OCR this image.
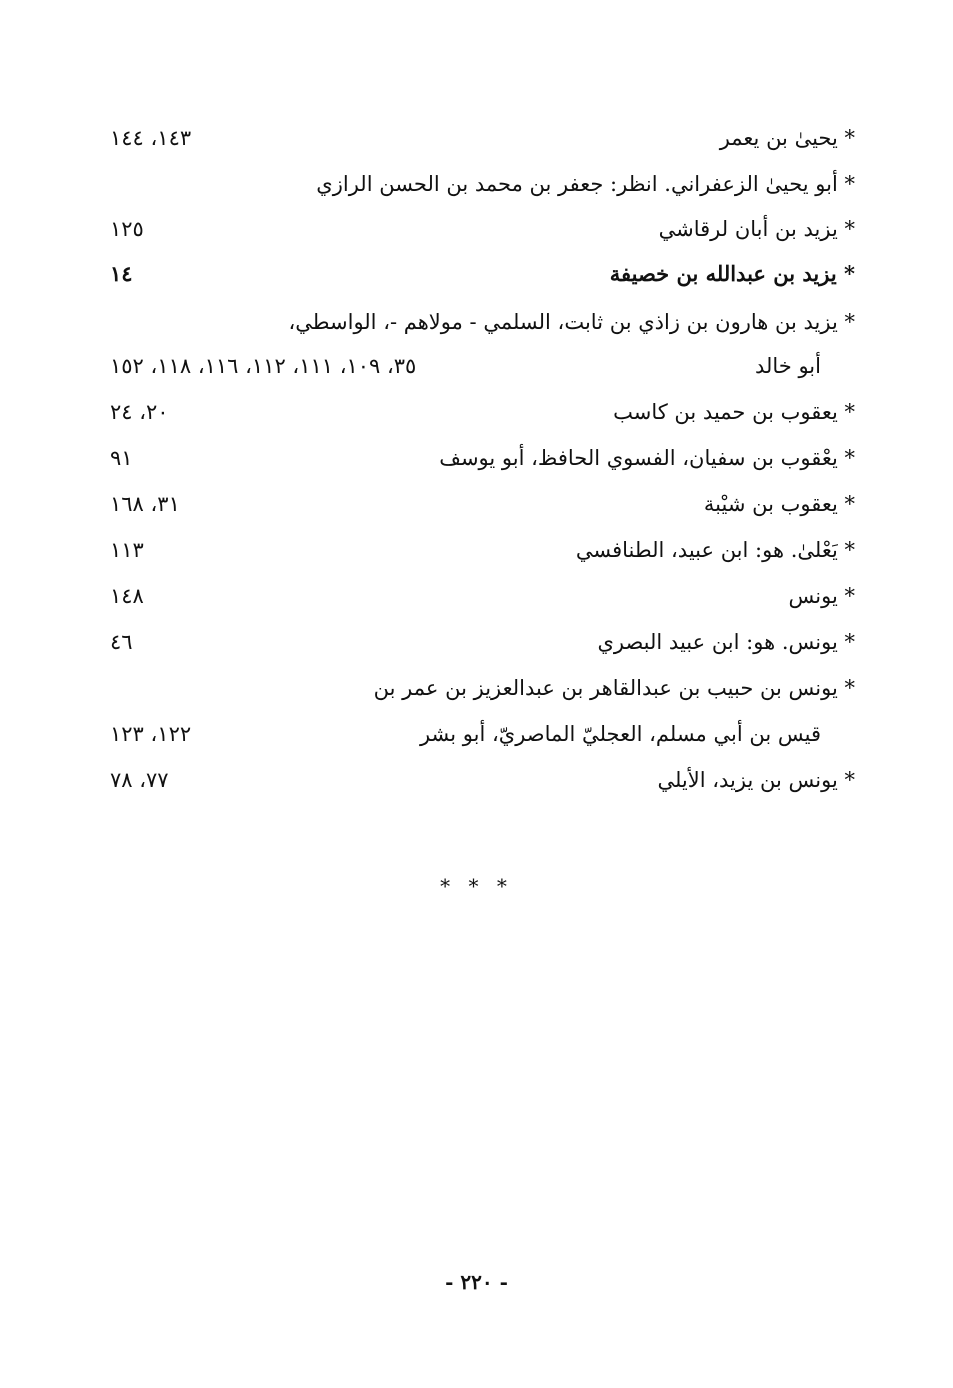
* يحيىٰ بن يعمر
١٤٣، ١٤٤
* أبو يحيىٰ الزعفراني. انظر: جعفر بن محمد بن الحسن الرازي
* يزيد بن أبان لرقاشي
١٢٥
* يزيد بن عبدالله بن خصيفة
١٤
* يزيد بن هارون بن زاذي بن ثابت، السلمي - مولاهم -، الواسطي،
أبو خالد
٣٥، ١٠٩، ١١١، ١١٢، ١١٦، ١١٨، ١٥٢
* يعقوب بن حميد بن كاسب
٢٠، ٢٤
* يعْقوب بن سفيان، الفسوي الحافظ، أبو يوسف
٩١
* يعقوب بن شيْبة
٣١، ١٦٨
* يَعْلىٰ. هو: ابن عبيد، الطنافسي
١١٣
* يونس
١٤٨
* يونس. هو: ابن عبيد البصري
٤٦
* يونس بن حبيب بن عبدالقاهر بن عبدالعزيز بن عمر بن
قيس بن أبي مسلم، العجليّ الماصريّ، أبو بشر
١٢٢، ١٢٣
* يونس بن يزيد، الأيلي
٧٧، ٧٨
* * *
- ٢٢٠ -
